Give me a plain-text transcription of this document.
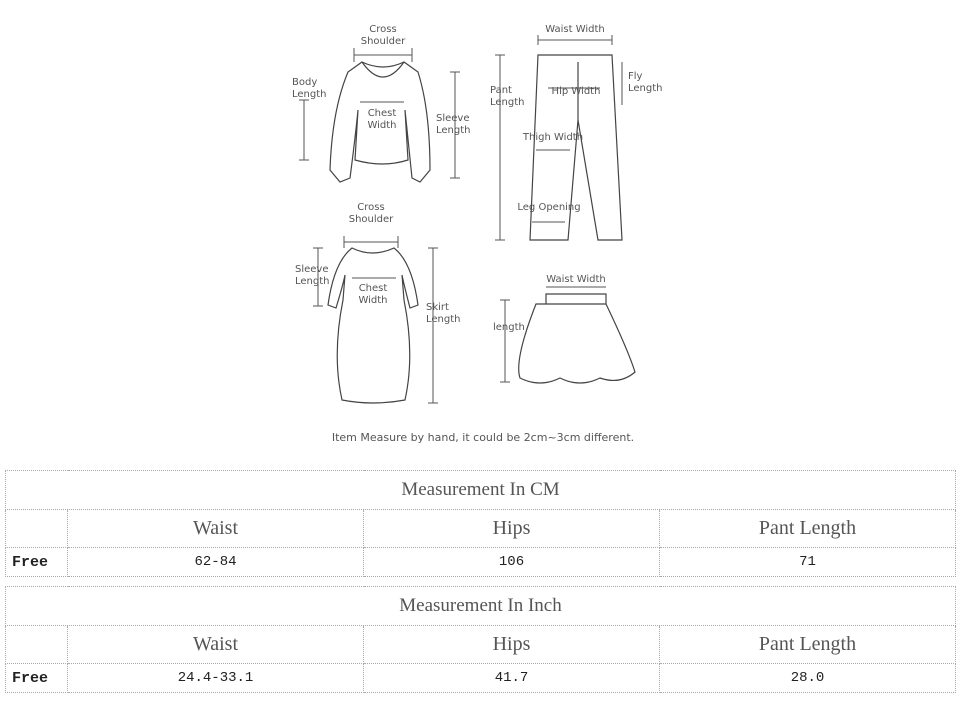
Cross
Shoulder
Body
Length
Chest
Width
Sleeve
Length
Waist Width
Pant
Length
Hip Width
Fly
Length
Thigh Width
Leg Opening
Cross
Shoulder
Sleeve
Length
Chest
Width
Skirt
Length
Waist Width
length
Item Measure by hand, it could be 2cm~3cm different.
Measurement In CM			
	Waist	Hips	Pant Length
Free	62-84	106	71
Measurement In Inch			
	Waist	Hips	Pant Length
Free	24.4-33.1	41.7	28.0
